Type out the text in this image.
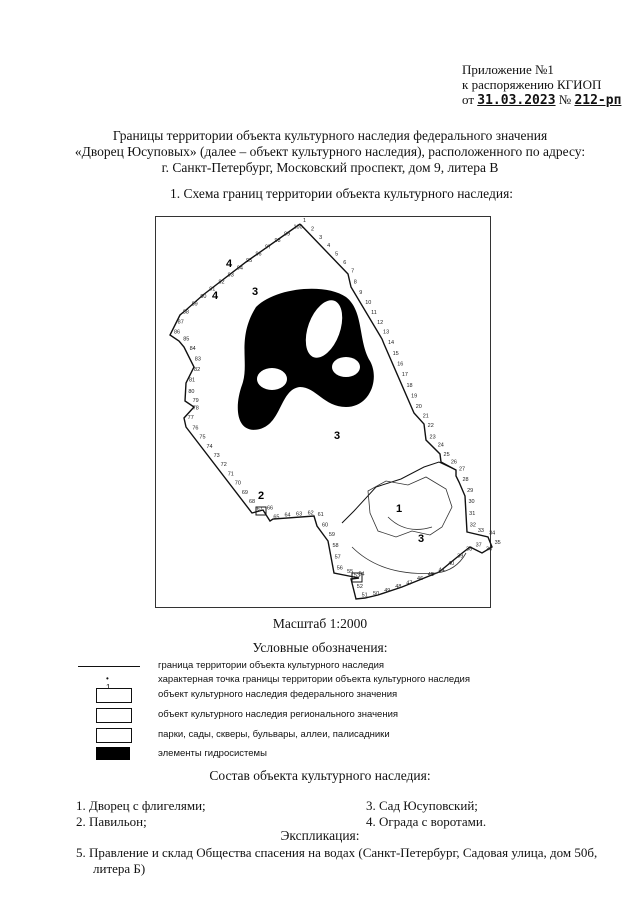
Приложение №1
к распоряжению КГИОП
от 31.03.2023 № 212-рп
Границы территории объекта культурного наследия федерального значения
«Дворец Юсуповых» (далее – объект культурного наследия), расположенного по адресу:
г. Санкт-Петербург, Московский проспект, дом 9, литера В
1. Схема границ территории объекта культурного наследия:
4
4	3
3
3
1
2
1
2
3
4
5
6
7
8
9
10
11
12
13
14
15
16
17
18
19
20
21
22
23
24
25
26
27
28
29
30
31
32
33 34
35
36
37
38
39
40
44
45
46
47
48
49
50
51
52
53
54
55
56
57
58
59
60
61
62
63
64
65
66
67
68
69
70
71
72
73
74
75
76
77
78
79
80
81
82
83
84
85
86
87
88
89
90
91
92
93
94
95
96
97
98
99
100
Масштаб 1:2000
Условные обозначения:
граница территории объекта культурного наследия
•	характерная точка границы территории объекта культурного наследия
объект культурного наследия федерального значения
объект культурного наследия регионального значения
парки, сады, скверы, бульвары, аллеи, палисадники
элементы гидросистемы
Состав объекта культурного наследия:
1. Дворец с флигелями;
2. Павильон;
3. Сад Юсуповский;
4. Ограда с воротами.
Экспликация:
5. Правление и склад Общества спасения на водах (Санкт-Петербург, Садовая улица, дом 50б,
литера Б)
